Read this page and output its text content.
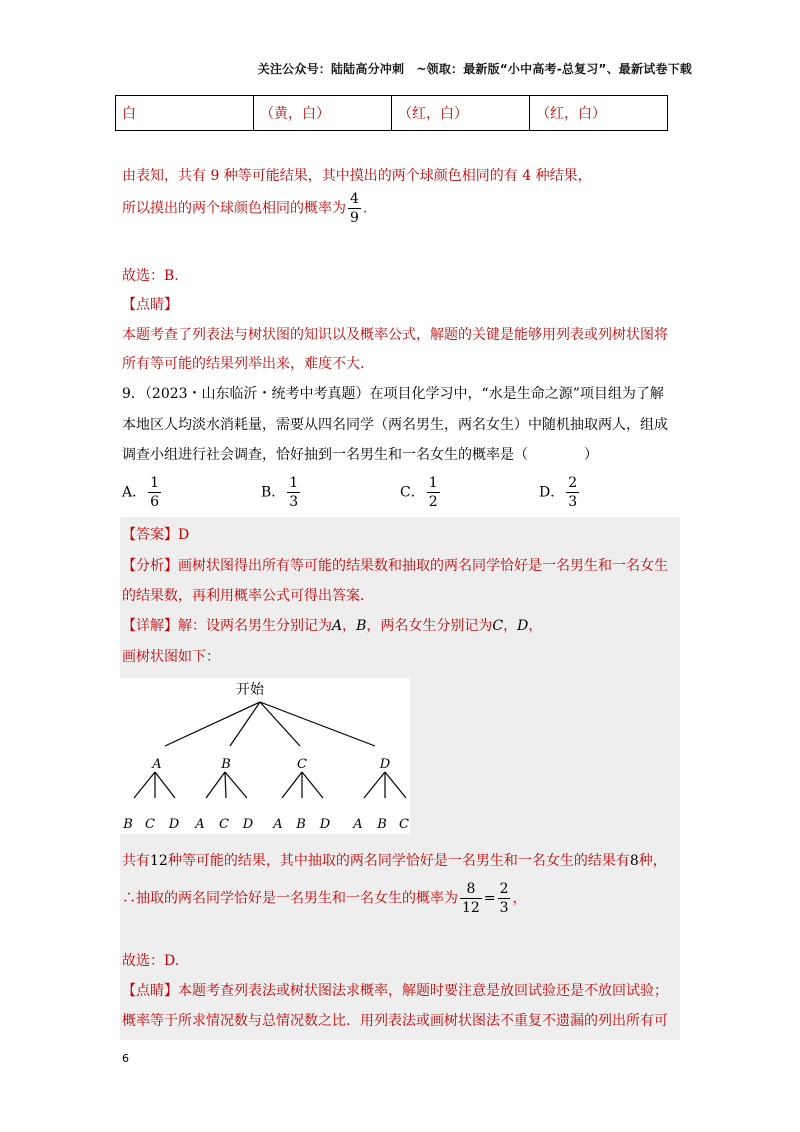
关注公众号：陆陆高分冲刺　~领取：最新版“小中高考-总复习”、最新试卷下载
白	（黄，白）	（红，白）	（红，白）
由表知，共有 9 种等可能结果，其中摸出的两个球颜色相同的有 4 种结果，
所以摸出的两个球颜色相同的概率为 $\frac{4}{9}$ .
故选：B.
【点睛】
本题考查了列表法与树状图的知识以及概率公式，解题的关键是能够用列表或列树状图将
所有等可能的结果列举出来，难度不大.
9．（2023・山东临沂・统考中考真题）在项目化学习中，“水是生命之源”项目组为了解
本地区人均淡水消耗量，需要从四名同学（两名男生，两名女生）中随机抽取两人，组成
调查小组进行社会调查，恰好抽到一名男生和一名女生的概率是（　　　　）
A． $\frac{1}{6}$	B． $\frac{1}{3}$	C． $\frac{1}{2}$	D． $\frac{2}{3}$
【答案】D
【分析】画树状图得出所有等可能的结果数和抽取的两名同学恰好是一名男生和一名女生
的结果数，再利用概率公式可得出答案.
【详解】解：设两名男生分别记为A，B，两名女生分别记为C，D，
画树状图如下：
开始
A	B	C	D
B C D A C D A B D A B C
共有12种等可能的结果，其中抽取的两名同学恰好是一名男生和一名女生的结果有8种，
∴抽取的两名同学恰好是一名男生和一名女生的概率为 $\frac{8}{12} = \frac{2}{3}$ ，
故选：D.
【点睛】本题考查列表法或树状图法求概率，解题时要注意是放回试验还是不放回试验；
概率等于所求情况数与总情况数之比．用列表法或画树状图法不重复不遗漏的列出所有可
6
